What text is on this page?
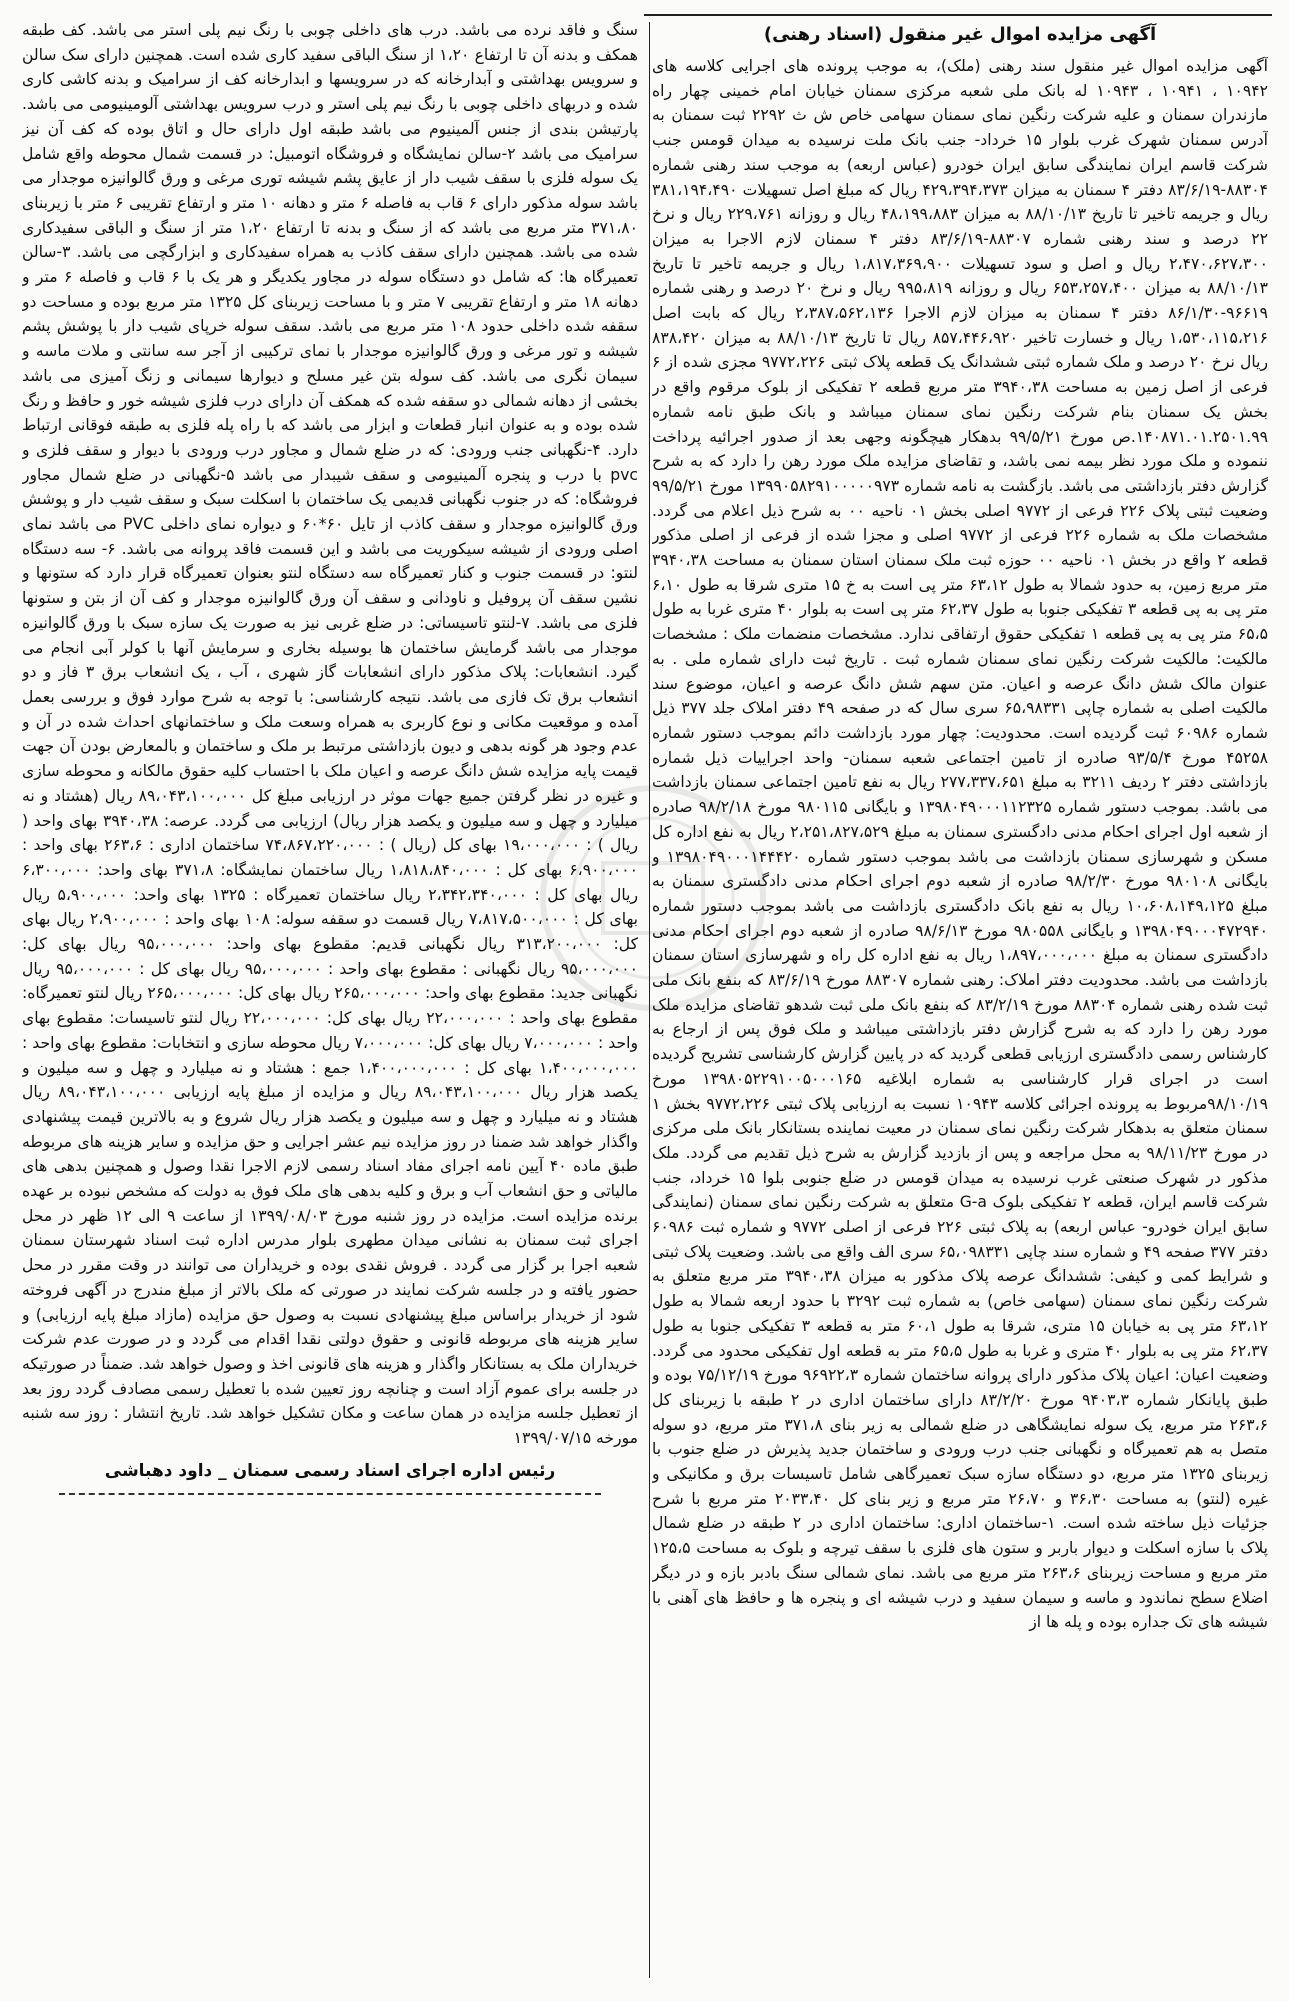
آگهی مزایده اموال غیر منقول (اسناد رهنی)

آگهی مزایده اموال غیر منقول سند رهنی (ملک)، به موجب پرونده های اجرایی کلاسه های ۱۰۹۴۲ ، ۱۰۹۴۱ ، ۱۰۹۴۳ له بانک ملی شعبه مرکزی سمنان خیابان امام خمینی چهار راه مازندران سمنان و علیه شرکت رنگین نمای سمنان سهامی خاص ش ث ۲۲۹۲ ثبت سمنان به آدرس سمنان شهرک غرب بلوار ۱۵ خرداد- جنب بانک ملت نرسیده به میدان قومس جنب شرکت قاسم ایران نمایندگی سابق ایران خودرو (عباس اربعه) به موجب سند رهنی شماره ۸۸۳۰۴-۸۳/۶/۱۹ دفتر ۴ سمنان به میزان ۴۲۹،۳۹۴،۳۷۳ ریال که مبلغ اصل تسهیلات ۳۸۱،۱۹۴،۴۹۰ ریال و جریمه تاخیر تا تاریخ ۸۸/۱۰/۱۳ به میزان ۴۸،۱۹۹،۸۸۳ ریال و روزانه ۲۲۹،۷۶۱ ریال و نرخ ۲۲ درصد و سند رهنی شماره ۸۸۳۰۷-۸۳/۶/۱۹ دفتر ۴ سمنان لازم الاجرا به میزان ۲،۴۷۰،۶۲۷،۳۰۰ ریال و اصل و سود تسهیلات ۱،۸۱۷،۳۶۹،۹۰۰ ریال و جریمه تاخیر تا تاریخ ۸۸/۱۰/۱۳ به میزان ۶۵۳،۲۵۷،۴۰۰ ریال و روزانه ۹۹۵،۸۱۹ ریال و نرخ ۲۰ درصد و رهنی شماره ۹۶۶۱۹-۸۶/۱/۳۰ دفتر ۴ سمنان به میزان لازم الاجرا ۲،۳۸۷،۵۶۲،۱۳۶ ریال که بابت اصل ۱،۵۳۰،۱۱۵،۲۱۶ ریال و خسارت تاخیر ۸۵۷،۴۴۶،۹۲۰ ریال تا تاریخ ۸۸/۱۰/۱۳ به میزان ۸۳۸،۴۲۰ ریال نرخ ۲۰ درصد و ملک شماره ثبتی ششدانگ یک قطعه پلاک ثبتی ۹۷۷۲،۲۲۶ مجزی شده از ۶ فرعی از اصل زمین به مساحت ۳۹۴۰،۳۸ متر مربع قطعه ۲ تفکیکی از بلوک مرقوم واقع در بخش یک سمنان بنام شرکت رنگین نمای سمنان میباشد و بانک طبق نامه شماره ۱۴۰۸۷۱.۰۱.۲۵۰۱.۹۹.ص مورخ ۹۹/۵/۲۱ بدهکار هیچگونه وجهی بعد از صدور اجرائیه پرداخت ننموده و ملک مورد نظر بیمه نمی باشد، و تقاضای مزایده ملک مورد رهن را دارد که به شرح گزارش دفتر بازداشتی می باشد. بازگشت به نامه شماره ۱۳۹۹۰۵۸۲۹۱۰۰۰۰۰۹۷۳ مورخ ۹۹/۵/۲۱ وضعیت ثبتی پلاک ۲۲۶ فرعی از ۹۷۷۲ اصلی بخش ۰۱ ناحیه ۰۰ به شرح ذیل اعلام می گردد. مشخصات ملک به شماره ۲۲۶ فرعی از ۹۷۷۲ اصلی و مجزا شده از فرعی از اصلی مذکور قطعه ۲ واقع در بخش ۰۱ ناحیه ۰۰ حوزه ثبت ملک سمنان استان سمنان به مساحت ۳۹۴۰،۳۸ متر مربع زمین، به حدود شمالا به طول ۶۳،۱۲ متر پی است به خ ۱۵ متری شرقا به طول ۶،۱۰ متر پی به پی قطعه ۳ تفکیکی جنوبا به طول ۶۲،۳۷ متر پی است به بلوار ۴۰ متری غربا به طول ۶۵،۵ متر پی به پی قطعه ۱ تفکیکی حقوق ارتفاقی ندارد. مشخصات منضمات ملک : مشخصات مالکیت: مالکیت شرکت رنگین نمای سمنان شماره ثبت . تاریخ ثبت دارای شماره ملی . به عنوان مالک شش دانگ عرصه و اعیان. متن سهم شش دانگ عرصه و اعیان، موضوع سند مالکیت اصلی به شماره چاپی ۶۵،۹۸۳۳۱ سری سال که در صفحه ۴۹ دفتر املاک جلد ۳۷۷ ذیل شماره ۶۰۹۸۶ ثبت گردیده است. محدودیت: چهار مورد بازداشت دائم بموجب دستور شماره ۴۵۲۵۸ مورخ ۹۳/۵/۴ صادره از تامین اجتماعی شعبه سمنان- واحد اجراییات ذیل شماره بازداشتی دفتر ۲ ردیف ۳۲۱۱ به مبلغ ۲۷۷،۳۳۷،۶۵۱ ریال به نفع تامین اجتماعی سمنان بازداشت می باشد. بموجب دستور شماره ۱۳۹۸۰۴۹۰۰۰۱۱۲۳۲۵ و بایگانی ۹۸۰۱۱۵ مورخ ۹۸/۲/۱۸ صادره از شعبه اول اجرای احکام مدنی دادگستری سمنان به مبلغ ۲،۲۵۱،۸۲۷،۵۲۹ ریال به نفع اداره کل مسکن و شهرسازی سمنان بازداشت می باشد بموجب دستور شماره ۱۳۹۸۰۴۹۰۰۰۱۴۴۴۲۰ و بایگانی ۹۸۰۱۰۸ مورخ ۹۸/۲/۳۰ صادره از شعبه دوم اجرای احکام مدنی دادگستری سمنان به مبلغ ۱۰،۶۰۸،۱۴۹،۱۲۵ ریال به نفع بانک دادگستری بازداشت می باشد بموجب دستور شماره ۱۳۹۸۰۴۹۰۰۰۴۷۲۹۴۰ و بایگانی ۹۸۰۵۵۸ مورخ ۹۸/۶/۱۳ صادره از شعبه دوم اجرای احکام مدنی دادگستری سمنان به مبلغ ۱،۸۹۷،۰۰۰،۰۰۰ ریال به نفع اداره کل راه و شهرسازی استان سمنان بازداشت می باشد. محدودیت دفتر املاک: رهنی شماره ۸۸۳۰۷ مورخ ۸۳/۶/۱۹ که بنفع بانک ملی ثبت شده رهنی شماره ۸۸۳۰۴ مورخ ۸۳/۲/۱۹ که بنفع بانک ملی ثبت شدهو تقاضای مزایده ملک مورد رهن را دارد که به شرح گزارش دفتر بازداشتی میباشد و ملک فوق پس از ارجاع به کارشناس رسمی دادگستری ارزیابی قطعی گردید که در پایین گزارش کارشناسی تشریح گردیده است در اجرای قرار کارشناسی به شماره ابلاغیه ۱۳۹۸۰۵۲۲۹۱۰۰۵۰۰۰۱۶۵ مورخ ۹۸/۱۰/۱۹مربوط به پرونده اجرائی کلاسه ۱۰۹۴۳ نسبت به ارزیابی پلاک ثبتی ۹۷۷۲،۲۲۶ بخش ۱ سمنان متعلق به بدهکار شرکت رنگین نمای سمنان در معیت نماینده بستانکار بانک ملی مرکزی در مورخ ۹۸/۱۱/۲۳ به محل مراجعه و پس از بازدید گزارش به شرح ذیل تقدیم می گردد. ملک مذکور در شهرک صنعتی غرب نرسیده به میدان قومس در ضلع جنوبی بلوا ۱۵ خرداد، جنب شرکت قاسم ایران، قطعه ۲ تفکیکی بلوک G-a متعلق به شرکت رنگین نمای سمنان (نمایندگی سابق ایران خودرو- عباس اربعه) به پلاک ثبتی ۲۲۶ فرعی از اصلی ۹۷۷۲ و شماره ثبت ۶۰۹۸۶ دفتر ۳۷۷ صفحه ۴۹ و شماره سند چاپی ۶۵،۰۹۸۳۳۱ سری الف واقع می باشد. وضعیت پلاک ثبتی و شرایط کمی و کیفی: ششدانگ عرصه پلاک مذکور به میزان ۳۹۴۰،۳۸ متر مربع متعلق به شرکت رنگین نمای سمنان (سهامی خاص) به شماره ثبت ۳۲۹۲ با حدود اربعه شمالا به طول ۶۳،۱۲ متر پی به خیابان ۱۵ متری، شرقا به طول ۶۰،۱ متر به قطعه ۳ تفکیکی جنوبا به طول ۶۲،۳۷ متر پی به بلوار ۴۰ متری و غربا به طول ۶۵،۵ متر به قطعه اول تفکیکی محدود می گردد. وضعیت اعیان: اعیان پلاک مذکور دارای پروانه ساختمان شماره ۹۶۹۲۲،۳ مورخ ۷۵/۱۲/۱۹ بوده و طبق پایانکار شماره ۹۴۰۳،۳ مورخ ۸۳/۲/۲۰ دارای ساختمان اداری در ۲ طبقه با زیربنای کل ۲۶۳،۶ متر مربع، یک سوله نمایشگاهی در ضلع شمالی به زیر بنای ۳۷۱،۸ متر مربع، دو سوله متصل به هم تعمیرگاه و نگهبانی جنب درب ورودی و ساختمان جدید پذیرش در ضلع جنوب با زیربنای ۱۳۲۵ متر مربع، دو دستگاه سازه سبک تعمیرگاهی شامل تاسیسات برق و مکانیکی و غیره (لنتو) به مساحت ۳۶،۳۰ و ۲۶،۷۰ متر مربع و زیر بنای کل ۲۰۳۳،۴۰ متر مربع با شرح جزئیات ذیل ساخته شده است. ۱-ساختمان اداری: ساختمان اداری در ۲ طبقه در ضلع شمال پلاک با سازه اسکلت و دیوار باربر و ستون های فلزی با سقف تیرچه و بلوک به مساحت ۱۲۵،۵ متر مربع و مساحت زیربنای ۲۶۳،۶ متر مربع می باشد. نمای شمالی سنگ بادبر بازه و در دیگر اضلاع سطح نماندود و ماسه و سیمان سفید و درب شیشه ای و پنجره ها و حافظ های آهنی با شیشه های تک جداره بوده و پله ها از

سنگ و فاقد نرده می باشد. درب های داخلی چوبی با رنگ نیم پلی استر می باشد. کف طبقه همکف و بدنه آن تا ارتفاع ۱،۲۰ از سنگ الباقی سفید کاری شده است. همچنین دارای سک سالن و سرویس بهداشتی و آبدارخانه که در سرویسها و ابدارخانه کف از سرامیک و بدنه کاشی کاری شده و دربهای داخلی چوبی با رنگ نیم پلی استر و درب سرویس بهداشتی آلومینیومی می باشد. پارتیشن بندی از جنس آلمینیوم می باشد طبقه اول دارای حال و اتاق بوده که کف آن نیز سرامیک می باشد ۲-سالن نمایشگاه و فروشگاه اتومبیل: در قسمت شمال محوطه واقع شامل یک سوله فلزی با سقف شیب دار از عایق پشم شیشه توری مرغی و ورق گالوانیزه موجدار می باشد سوله مذکور دارای ۶ قاب به فاصله ۶ متر و دهانه ۱۰ متر و ارتفاع تقریبی ۶ متر با زیربنای ۳۷۱،۸۰ متر مربع می باشد که از سنگ و بدنه تا ارتفاع ۱،۲۰ متر از سنگ و الباقی سفیدکاری شده می باشد. همچنین دارای سقف کاذب به همراه سفیدکاری و ابزارگچی می باشد. ۳-سالن تعمیرگاه ها: که شامل دو دستگاه سوله در مجاور یکدیگر و هر یک با ۶ قاب و فاصله ۶ متر و دهانه ۱۸ متر و ارتفاع تقریبی ۷ متر و با مساحت زیربنای کل ۱۳۲۵ متر مربع بوده و مساحت دو سقفه شده داخلی حدود ۱۰۸ متر مربع می باشد. سقف سوله خرپای شیب دار با پوشش پشم شیشه و تور مرغی و ورق گالوانیزه موجدار با نمای ترکیبی از آجر سه سانتی و ملات ماسه و سیمان نگری می باشد. کف سوله بتن غیر مسلح و دیوارها سیمانی و زنگ آمیزی می باشد بخشی از دهانه شمالی دو سقفه شده که همکف آن دارای درب فلزی شیشه خور و حافظ و رنگ شده بوده و به عنوان انبار قطعات و ابزار می باشد که با راه پله فلزی به طبقه فوقانی ارتباط دارد. ۴-نگهبانی جنب ورودی: که در ضلع شمال و مجاور درب ورودی با دیوار و سقف فلزی و pvc با درب و پنجره آلمینیومی و سقف شیبدار می باشد ۵-نگهبانی در ضلع شمال مجاور فروشگاه: که در جنوب نگهبانی قدیمی یک ساختمان با اسکلت سبک و سقف شیب دار و پوشش ورق گالوانیزه موجدار و سقف کاذب از تایل ۶۰*۶۰ و دیواره نمای داخلی PVC می باشد نمای اصلی ورودی از شیشه سیکوریت می باشد و این قسمت فاقد پروانه می باشد. ۶- سه دستگاه لنتو: در قسمت جنوب و کنار تعمیرگاه سه دستگاه لنتو بعنوان تعمیرگاه قرار دارد که ستونها و نشین سقف آن پروفیل و ناودانی و سقف آن ورق گالوانیزه موجدار و کف آن از بتن و ستونها فلزی می باشد. ۷-لنتو تاسیساتی: در ضلع غربی نیز به صورت یک سازه سبک با ورق گالوانیزه موجدار می باشد گرمایش ساختمان ها بوسیله بخاری و سرمایش آنها با کولر آبی انجام می گیرد. انشعابات: پلاک مذکور دارای انشعابات گاز شهری ، آب ، یک انشعاب برق ۳ فاز و دو انشعاب برق تک فازی می باشد. نتیجه کارشناسی: با توجه به شرح موارد فوق و بررسی بعمل آمده و موقعیت مکانی و نوع کاربری به همراه وسعت ملک و ساختمانهای احداث شده در آن و عدم وجود هر گونه بدهی و دیون بازداشتی مرتبط بر ملک و ساختمان و بالمعارض بودن آن جهت قیمت پایه مزایده شش دانگ عرصه و اعیان ملک با احتساب کلیه حقوق مالکانه و محوطه سازی و غیره در نظر گرفتن جمیع جهات موثر در ارزیابی مبلغ کل ۸۹،۰۴۳،۱۰۰،۰۰۰ ریال (هشتاد و نه میلیارد و چهل و سه میلیون و یکصد هزار ریال) ارزیابی می گردد. عرصه: ۳۹۴۰،۳۸ بهای واحد ( ریال ) : ۱۹،۰۰۰،۰۰۰ بهای کل (ریال ) : ۷۴،۸۶۷،۲۲۰،۰۰۰ ساختمان اداری : ۲۶۳،۶ بهای واحد : ۶،۹۰۰،۰۰۰ بهای کل : ۱،۸۱۸،۸۴۰،۰۰۰ ریال ساختمان نمایشگاه: ۳۷۱،۸ بهای واحد: ۶،۳۰۰،۰۰۰ ریال بهای کل : ۲،۳۴۲،۳۴۰،۰۰۰ ریال ساختمان تعمیرگاه : ۱۳۲۵ بهای واحد: ۵،۹۰۰،۰۰۰ ریال بهای کل : ۷،۸۱۷،۵۰۰،۰۰۰ ریال قسمت دو سقفه سوله: ۱۰۸ بهای واحد : ۲،۹۰۰،۰۰۰ ریال بهای کل: ۳۱۳،۲۰۰،۰۰۰ ریال نگهبانی قدیم: مقطوع بهای واحد: ۹۵،۰۰۰،۰۰۰ ریال بهای کل: ۹۵،۰۰۰،۰۰۰ ریال نگهبانی : مقطوع بهای واحد : ۹۵،۰۰۰،۰۰۰ ریال بهای کل : ۹۵،۰۰۰،۰۰۰ ریال نگهبانی جدید: مقطوع بهای واحد: ۲۶۵،۰۰۰،۰۰۰ ریال بهای کل: ۲۶۵،۰۰۰،۰۰۰ ریال لنتو تعمیرگاه: مقطوع بهای واحد : ۲۲،۰۰۰،۰۰۰ ریال بهای کل: ۲۲،۰۰۰،۰۰۰ ریال لنتو تاسیسات: مقطوع بهای واحد : ۷،۰۰۰،۰۰۰ ریال بهای کل: ۷،۰۰۰،۰۰۰ ریال محوطه سازی و انتخابات: مقطوع بهای واحد : ۱،۴۰۰،۰۰۰،۰۰۰ بهای کل : ۱،۴۰۰،۰۰۰،۰۰۰ جمع : هشتاد و نه میلیارد و چهل و سه میلیون و یکصد هزار ریال ۸۹،۰۴۳،۱۰۰،۰۰۰ ریال و مزایده از مبلغ پایه ارزیابی ۸۹،۰۴۳،۱۰۰،۰۰۰ ریال هشتاد و نه میلیارد و چهل و سه میلیون و یکصد هزار ریال شروع و به بالاترین قیمت پیشنهادی واگذار خواهد شد ضمنا در روز مزایده نیم عشر اجرایی و حق مزایده و سایر هزینه های مربوطه طبق ماده ۴۰ آیین نامه اجرای مفاد اسناد رسمی لازم الاجرا نقدا وصول و همچنین بدهی های مالیاتی و حق انشعاب آب و برق و کلیه بدهی های ملک فوق به دولت که مشخص نبوده بر عهده برنده مزایده است. مزایده در روز شنبه مورخ ۱۳۹۹/۰۸/۰۳ از ساعت ۹ الی ۱۲ ظهر در محل اجرای ثبت سمنان به نشانی میدان مطهری بلوار مدرس اداره ثبت اسناد شهرستان سمنان شعبه اجرا بر گزار می گردد . فروش نقدی بوده و خریداران می توانند در وقت مقرر در محل حضور یافته و در جلسه شرکت نمایند در صورتی که ملک بالاتر از مبلغ مندرج در آگهی فروخته شود از خریدار براساس مبلغ پیشنهادی نسبت به وصول حق مزایده (مازاد مبلغ پایه ارزیابی) و سایر هزینه های مربوطه قانونی و حقوق دولتی نقدا اقدام می گردد و در صورت عدم شرکت خریداران ملک به بستانکار واگذار و هزینه های قانونی اخذ و وصول خواهد شد. ضمناً در صورتیکه در جلسه برای عموم آزاد است و چنانچه روز تعیین شده با تعطیل رسمی مصادف گردد روز بعد از تعطیل جلسه مزایده در همان ساعت و مکان تشکیل خواهد شد. تاریخ انتشار : روز سه شنبه مورخه ۱۳۹۹/۰۷/۱۵

رئیس اداره اجرای اسناد رسمی سمنان _ داود دهباشی
